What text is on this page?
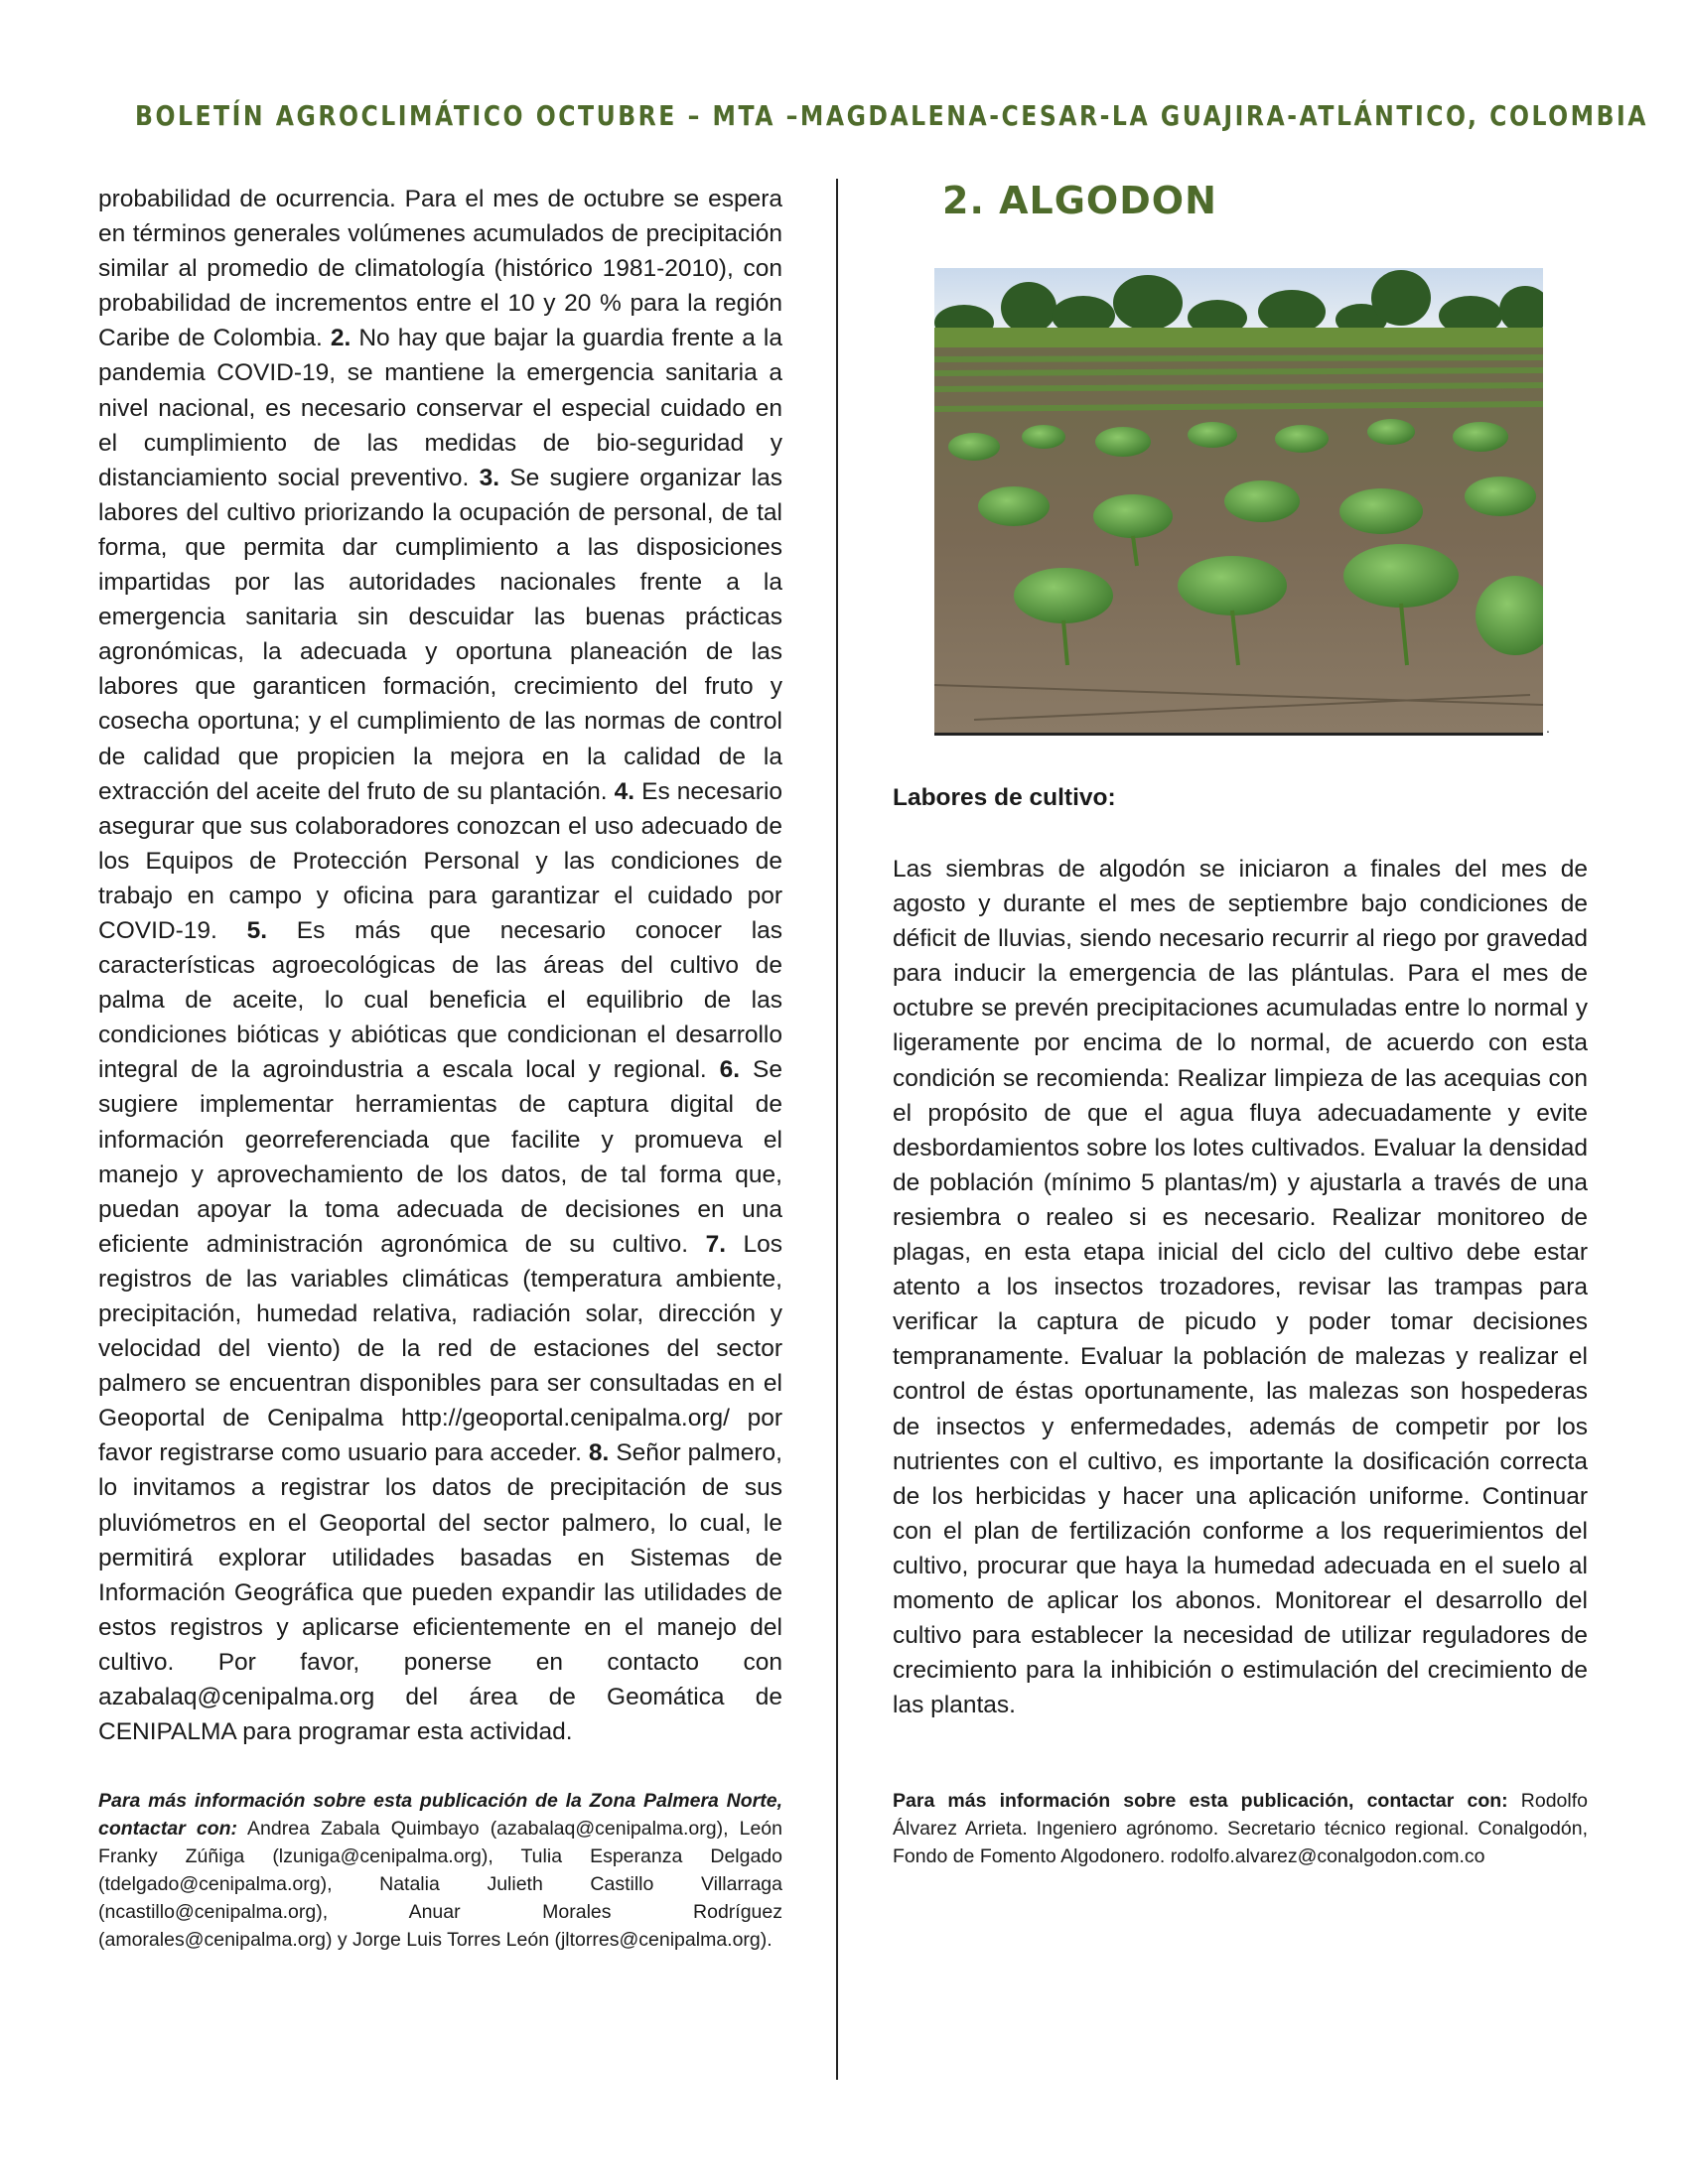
BOLETÍN AGROCLIMÁTICO OCTUBRE – MTA –MAGDALENA-CESAR-LA GUAJIRA-ATLÁNTICO, COLOMBIA

probabilidad de ocurrencia. Para el mes de octubre se espera en términos generales volúmenes acumulados de precipitación similar al promedio de climatología (histórico 1981-2010), con probabilidad de incrementos entre el 10 y 20 % para la región Caribe de Colombia. 2. No hay que bajar la guardia frente a la pandemia COVID-19, se mantiene la emergencia sanitaria a nivel nacional, es necesario conservar el especial cuidado en el cumplimiento de las medidas de bio-seguridad y distanciamiento social preventivo. 3. Se sugiere organizar las labores del cultivo priorizando la ocupación de personal, de tal forma, que permita dar cumplimiento a las disposiciones impartidas por las autoridades nacionales frente a la emergencia sanitaria sin descuidar las buenas prácticas agronómicas, la adecuada y oportuna planeación de las labores que garanticen formación, crecimiento del fruto y cosecha oportuna; y el cumplimiento de las normas de control de calidad que propicien la mejora en la calidad de la extracción del aceite del fruto de su plantación. 4. Es necesario asegurar que sus colaboradores conozcan el uso adecuado de los Equipos de Protección Personal y las condiciones de trabajo en campo y oficina para garantizar el cuidado por COVID-19. 5. Es más que necesario conocer las características agroecológicas de las áreas del cultivo de palma de aceite, lo cual beneficia el equilibrio de las condiciones bióticas y abióticas que condicionan el desarrollo integral de la agroindustria a escala local y regional. 6. Se sugiere implementar herramientas de captura digital de información georreferenciada que facilite y promueva el manejo y aprovechamiento de los datos, de tal forma que, puedan apoyar la toma adecuada de decisiones en una eficiente administración agronómica de su cultivo. 7. Los registros de las variables climáticas (temperatura ambiente, precipitación, humedad relativa, radiación solar, dirección y velocidad del viento) de la red de estaciones del sector palmero se encuentran disponibles para ser consultadas en el Geoportal de Cenipalma http://geoportal.cenipalma.org/ por favor registrarse como usuario para acceder. 8. Señor palmero, lo invitamos a registrar los datos de precipitación de sus pluviómetros en el Geoportal del sector palmero, lo cual, le permitirá explorar utilidades basadas en Sistemas de Información Geográfica que pueden expandir las utilidades de estos registros y aplicarse eficientemente en el manejo del cultivo. Por favor, ponerse en contacto con azabalaq@cenipalma.org del área de Geomática de CENIPALMA para programar esta actividad.

Para más información sobre esta publicación de la Zona Palmera Norte, contactar con: Andrea Zabala Quimbayo (azabalaq@cenipalma.org), León Franky Zúñiga (lzuniga@cenipalma.org), Tulia Esperanza Delgado (tdelgado@cenipalma.org), Natalia Julieth Castillo Villarraga (ncastillo@cenipalma.org), Anuar Morales Rodríguez (amorales@cenipalma.org) y Jorge Luis Torres León (jltorres@cenipalma.org).

2. ALGODON
.

Labores de cultivo:

Las siembras de algodón se iniciaron a finales del mes de agosto y durante el mes de septiembre bajo condiciones de déficit de lluvias, siendo necesario recurrir al riego por gravedad para inducir la emergencia de las plántulas. Para el mes de octubre se prevén precipitaciones acumuladas entre lo normal y ligeramente por encima de lo normal, de acuerdo con esta condición se recomienda: Realizar limpieza de las acequias con el propósito de que el agua fluya adecuadamente y evite desbordamientos sobre los lotes cultivados. Evaluar la densidad de población (mínimo 5 plantas/m) y ajustarla a través de una resiembra o realeo si es necesario. Realizar monitoreo de plagas, en esta etapa inicial del ciclo del cultivo debe estar atento a los insectos trozadores, revisar las trampas para verificar la captura de picudo y poder tomar decisiones tempranamente. Evaluar la población de malezas y realizar el control de éstas oportunamente, las malezas son hospederas de insectos y enfermedades, además de competir por los nutrientes con el cultivo, es importante la dosificación correcta de los herbicidas y hacer una aplicación uniforme. Continuar con el plan de fertilización conforme a los requerimientos del cultivo, procurar que haya la humedad adecuada en el suelo al momento de aplicar los abonos. Monitorear el desarrollo del cultivo para establecer la necesidad de utilizar reguladores de crecimiento para la inhibición o estimulación del crecimiento de las plantas.

Para más información sobre esta publicación, contactar con: Rodolfo Álvarez Arrieta. Ingeniero agrónomo. Secretario técnico regional. Conalgodón, Fondo de Fomento Algodonero. rodolfo.alvarez@conalgodon.com.co
